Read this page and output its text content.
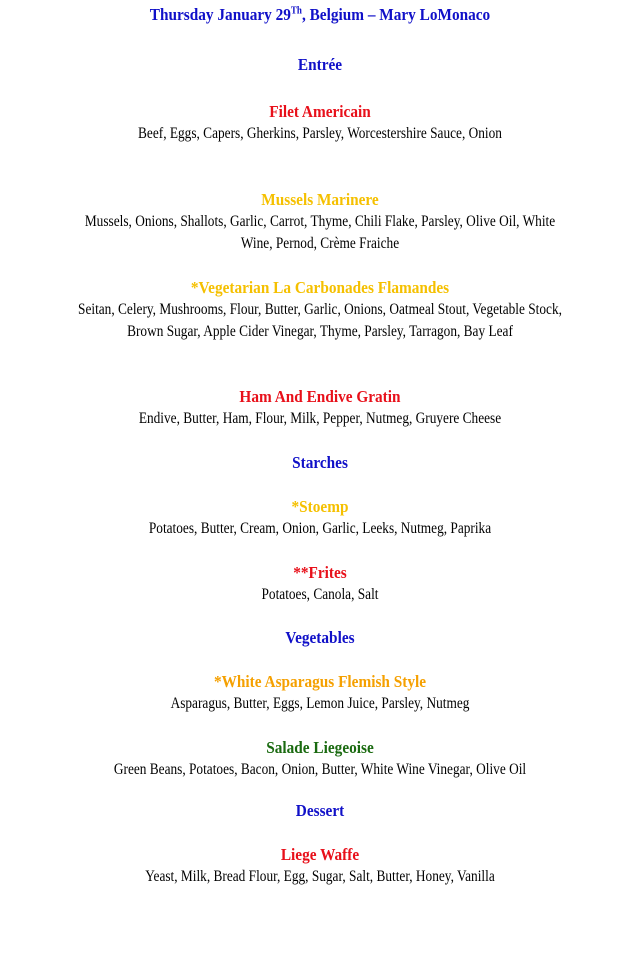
Thursday January 29Th, Belgium – Mary LoMonaco
Entrée
Filet Americain
Beef, Eggs, Capers, Gherkins, Parsley, Worcestershire Sauce, Onion
Mussels Marinere
Mussels, Onions, Shallots, Garlic, Carrot, Thyme, Chili Flake, Parsley, Olive Oil, White
Wine, Pernod, Crème Fraiche
*Vegetarian La Carbonades Flamandes
Seitan, Celery, Mushrooms, Flour, Butter, Garlic, Onions, Oatmeal Stout, Vegetable Stock,
Brown Sugar, Apple Cider Vinegar, Thyme, Parsley, Tarragon, Bay Leaf
Ham And Endive Gratin
Endive, Butter, Ham, Flour, Milk, Pepper, Nutmeg, Gruyere Cheese
Starches
*Stoemp
Potatoes, Butter, Cream, Onion, Garlic, Leeks, Nutmeg, Paprika
**Frites
Potatoes, Canola, Salt
Vegetables
*White Asparagus Flemish Style
Asparagus, Butter, Eggs, Lemon Juice, Parsley, Nutmeg
Salade Liegeoise
Green Beans, Potatoes, Bacon, Onion, Butter, White Wine Vinegar, Olive Oil
Dessert
Liege Waffe
Yeast, Milk, Bread Flour, Egg, Sugar, Salt, Butter, Honey, Vanilla
